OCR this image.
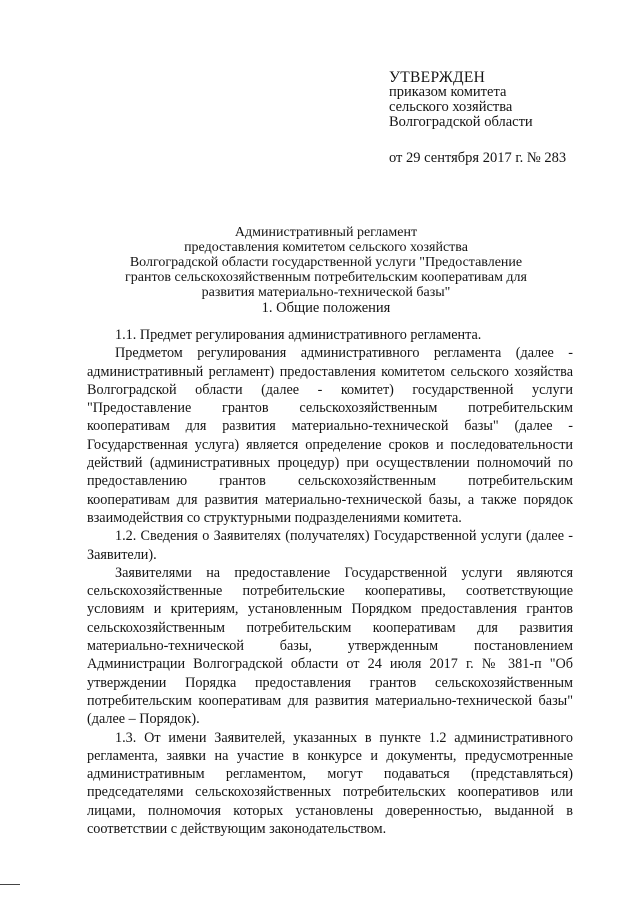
УТВЕРЖДЕН
приказом комитета
сельского хозяйства
Волгоградской области
от 29 сентября 2017 г. № 283
Административный регламент
предоставления комитетом сельского хозяйства
Волгоградской области государственной услуги "Предоставление
грантов сельскохозяйственным потребительским кооперативам для
развития материально-технической базы"
1. Общие положения

1.1. Предмет регулирования административного регламента.

Предметом регулирования административного регламента (далее - административный регламент) предоставления комитетом сельского хозяйства Волгоградской области (далее - комитет) государственной услуги "Предоставление грантов сельскохозяйственным потребительским кооперативам для развития материально-технической базы" (далее - Государственная услуга) является определение сроков и последовательности действий (административных процедур) при осуществлении полномочий по предоставлению грантов сельскохозяйственным потребительским кооперативам для развития материально-технической базы, а также порядок взаимодействия со структурными подразделениями комитета.

1.2. Сведения о Заявителях (получателях) Государственной услуги (далее - Заявители).

Заявителями на предоставление Государственной услуги являются сельскохозяйственные потребительские кооперативы, соответствующие условиям и критериям, установленным Порядком предоставления грантов сельскохозяйственным потребительским кооперативам для развития материально-технической базы, утвержденным постановлением Администрации Волгоградской области от 24 июля 2017 г. № 381-п "Об утверждении Порядка предоставления грантов сельскохозяйственным потребительским кооперативам для развития материально-технической базы" (далее – Порядок).

1.3. От имени Заявителей, указанных в пункте 1.2 административного регламента, заявки на участие в конкурсе и документы, предусмотренные административным регламентом, могут подаваться (представляться) председателями сельскохозяйственных потребительских кооперативов или лицами, полномочия которых установлены доверенностью, выданной в соответствии с действующим законодательством.
